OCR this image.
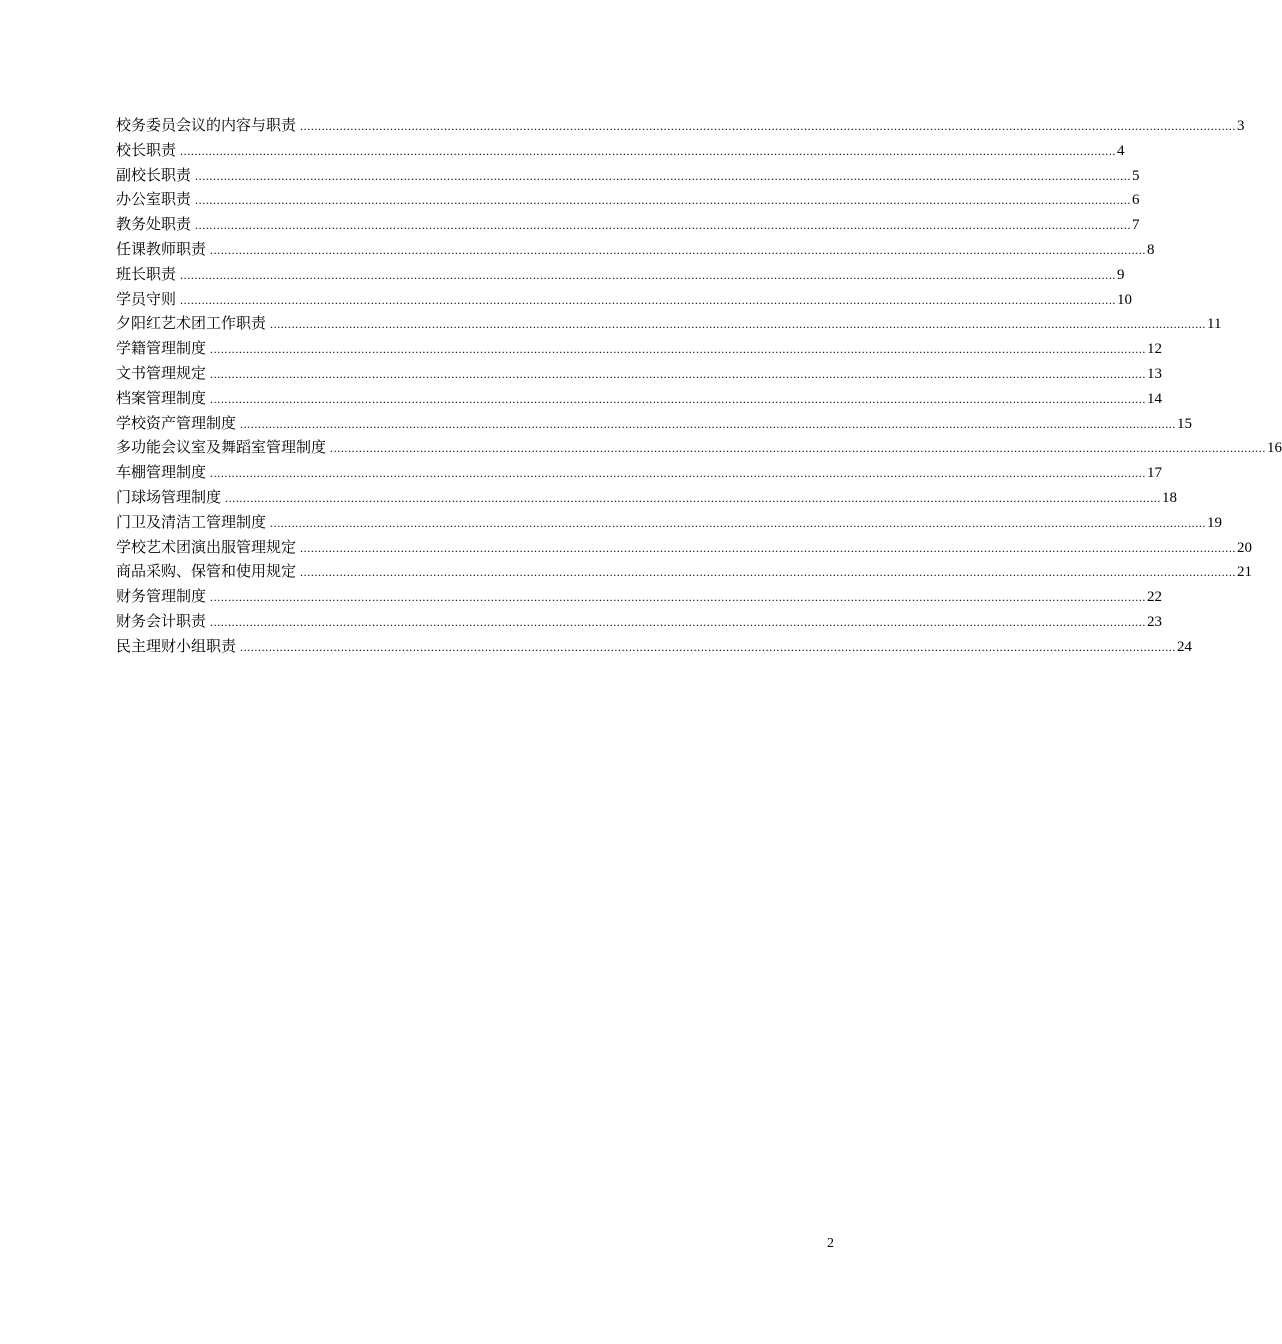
校务委员会议的内容与职责 .................................................................................................................................................................................................................................................................... 3
校长职责 .................................................................................................................................................................................................................................................................... 4
副校长职责 .................................................................................................................................................................................................................................................................... 5
办公室职责 .................................................................................................................................................................................................................................................................... 6
教务处职责 .................................................................................................................................................................................................................................................................... 7
任课教师职责 .................................................................................................................................................................................................................................................................... 8
班长职责 .................................................................................................................................................................................................................................................................... 9
学员守则 .................................................................................................................................................................................................................................................................... 10
夕阳红艺术团工作职责 .................................................................................................................................................................................................................................................................... 11
学籍管理制度 .................................................................................................................................................................................................................................................................... 12
文书管理规定 .................................................................................................................................................................................................................................................................... 13
档案管理制度 .................................................................................................................................................................................................................................................................... 14
学校资产管理制度 .................................................................................................................................................................................................................................................................... 15
多功能会议室及舞蹈室管理制度 .................................................................................................................................................................................................................................................................... 16
车棚管理制度 .................................................................................................................................................................................................................................................................... 17
门球场管理制度 .................................................................................................................................................................................................................................................................... 18
门卫及清洁工管理制度 .................................................................................................................................................................................................................................................................... 19
学校艺术团演出服管理规定 .................................................................................................................................................................................................................................................................... 20
商品采购、保管和使用规定 .................................................................................................................................................................................................................................................................... 21
财务管理制度 .................................................................................................................................................................................................................................................................... 22
财务会计职责 .................................................................................................................................................................................................................................................................... 23
民主理财小组职责 .................................................................................................................................................................................................................................................................... 24
2
